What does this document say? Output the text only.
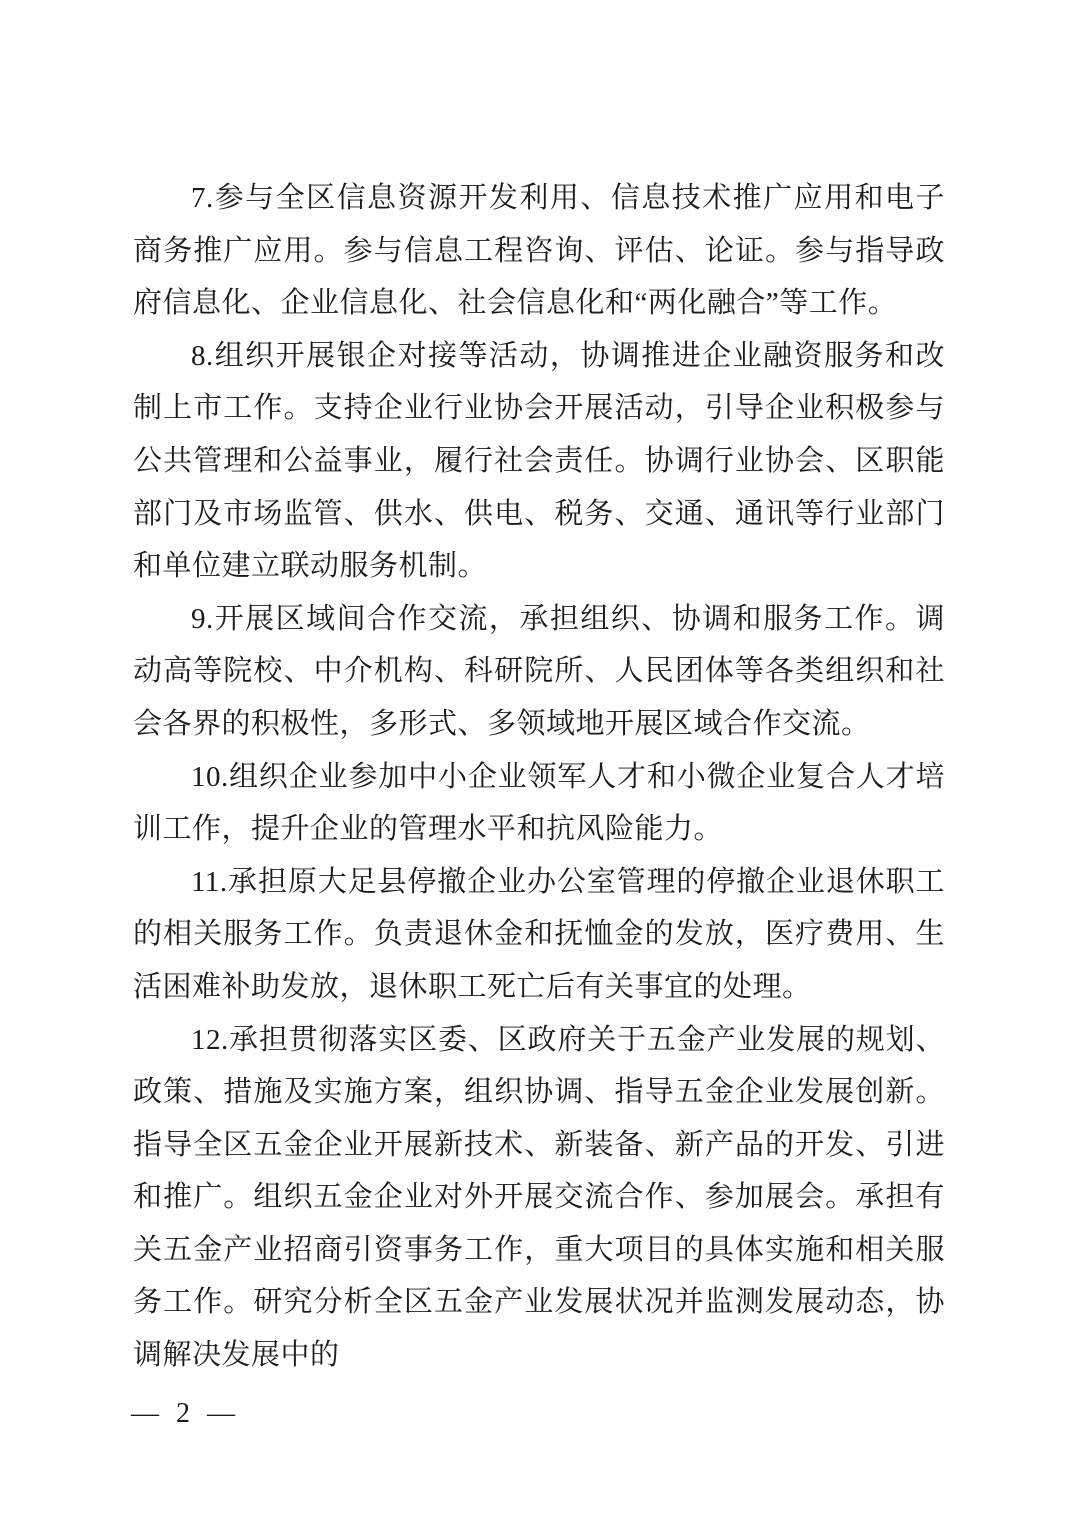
7.参与全区信息资源开发利用、信息技术推广应用和电子商务推广应用。参与信息工程咨询、评估、论证。参与指导政府信息化、企业信息化、社会信息化和“两化融合”等工作。

8.组织开展银企对接等活动，协调推进企业融资服务和改制上市工作。支持企业行业协会开展活动，引导企业积极参与公共管理和公益事业，履行社会责任。协调行业协会、区职能部门及市场监管、供水、供电、税务、交通、通讯等行业部门和单位建立联动服务机制。

9.开展区域间合作交流，承担组织、协调和服务工作。调动高等院校、中介机构、科研院所、人民团体等各类组织和社会各界的积极性，多形式、多领域地开展区域合作交流。

10.组织企业参加中小企业领军人才和小微企业复合人才培训工作，提升企业的管理水平和抗风险能力。

11.承担原大足县停撤企业办公室管理的停撤企业退休职工的相关服务工作。负责退休金和抚恤金的发放，医疗费用、生活困难补助发放，退休职工死亡后有关事宜的处理。

12.承担贯彻落实区委、区政府关于五金产业发展的规划、政策、措施及实施方案，组织协调、指导五金企业发展创新。指导全区五金企业开展新技术、新装备、新产品的开发、引进和推广。组织五金企业对外开展交流合作、参加展会。承担有关五金产业招商引资事务工作，重大项目的具体实施和相关服务工作。研究分析全区五金产业发展状况并监测发展动态，协调解决发展中的

— 2 —
